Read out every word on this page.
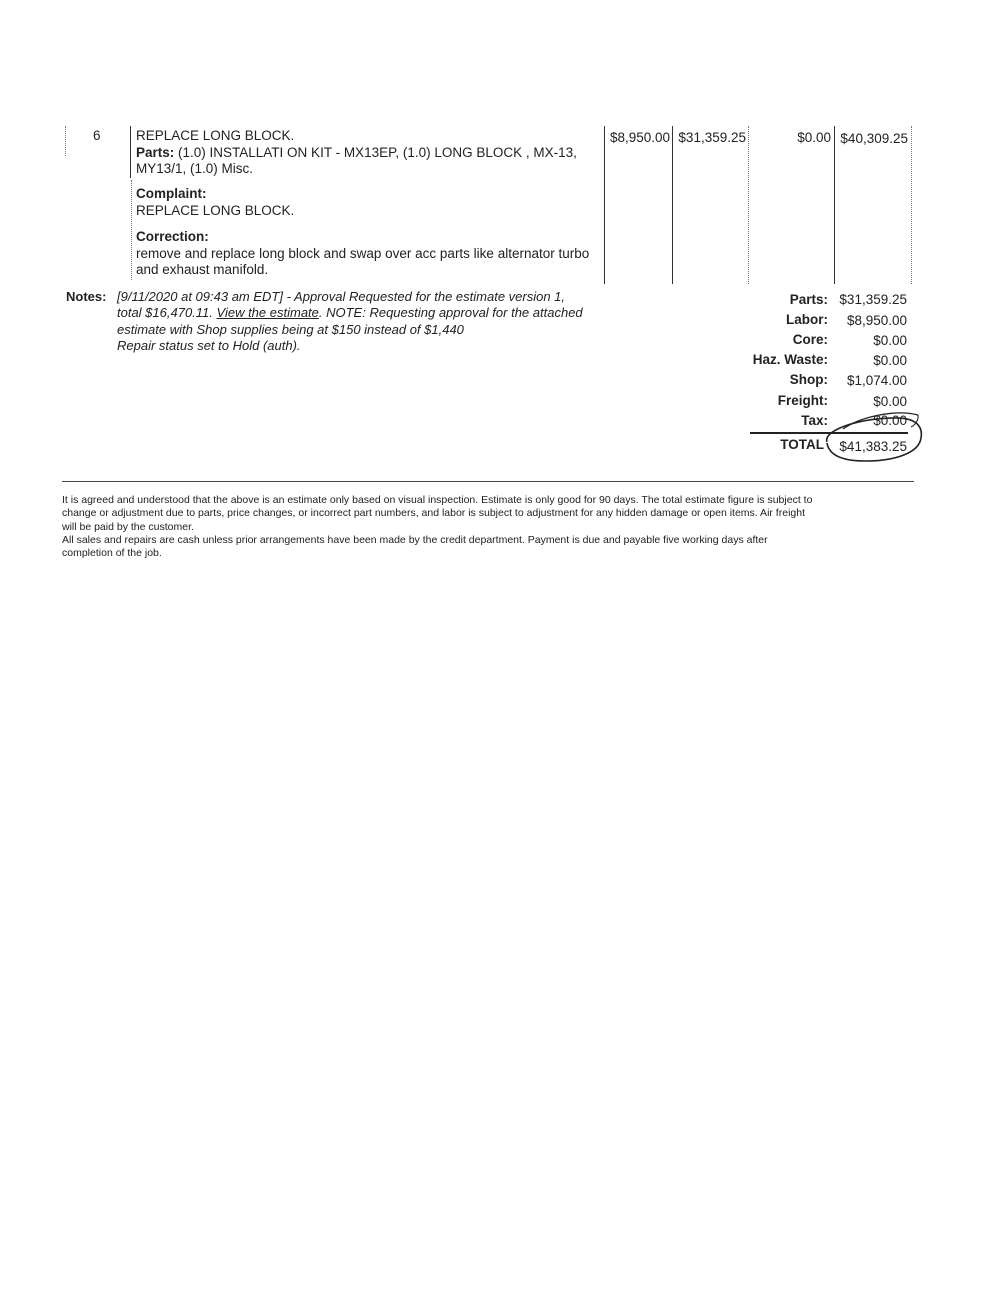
6	REPLACE LONG BLOCK.
Parts: (1.0) INSTALLATI ON KIT - MX13EP, (1.0) LONG BLOCK , MX-13,
MY13/1, (1.0) Misc.
Complaint:
REPLACE LONG BLOCK.
Correction:
remove and replace long block and swap over acc parts like alternator turbo
and exhaust manifold.
$8,950.00 $31,359.25	$0.00 $40,309.25
Notes: [9/11/2020 at 09:43 am EDT] - Approval Requested for the estimate version 1,
total $16,470.11. View the estimate. NOTE: Requesting approval for the attached
estimate with Shop supplies being at $150 instead of $1,440
Repair status set to Hold (auth).
Parts: $31,359.25
Labor:	$8,950.00
Core:	$0.00
Haz. Waste:	$0.00
Shop:	$1,074.00
Freight:	$0.00
Tax:	$0.00
TOTAL	$41,383.25
It is agreed and understood that the above is an estimate only based on visual inspection. Estimate is only good for 90 days. The total estimate figure is subject to
change or adjustment due to parts, price changes, or incorrect part numbers, and labor is subject to adjustment for any hidden damage or open items. Air freight
will be paid by the customer.
All sales and repairs are cash unless prior arrangements have been made by the credit department. Payment is due and payable five working days after
completion of the job.
